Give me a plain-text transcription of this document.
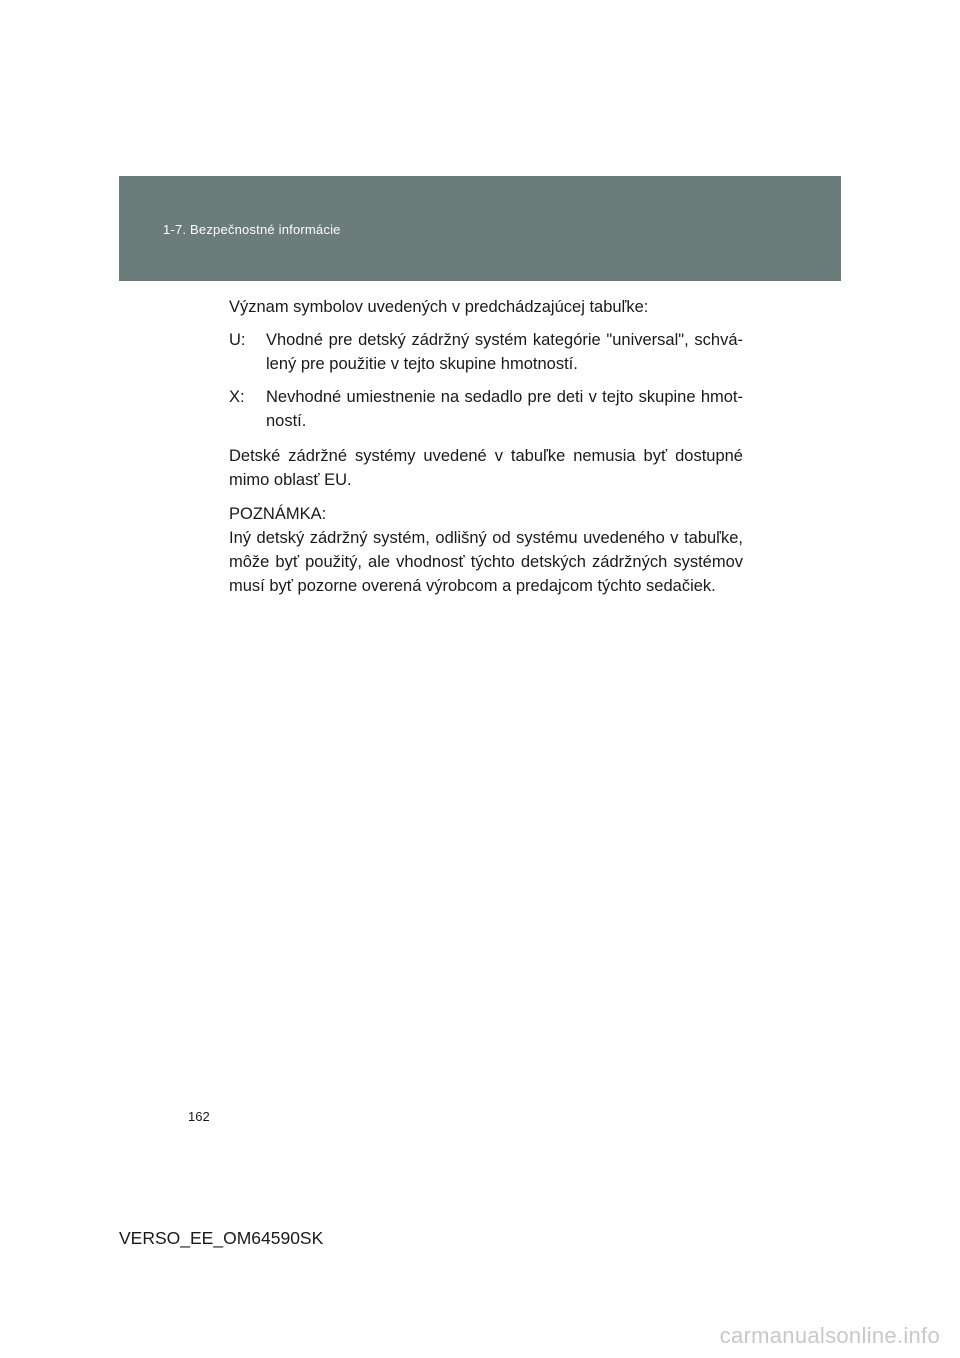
1-7. Bezpečnostné informácie

Význam symbolov uvedených v predchádzajúcej tabuľke:

U: Vhodné pre detský zádržný systém kategórie "universal", schvá-lený pre použitie v tejto skupine hmotností.

X: Nevhodné umiestnenie na sedadlo pre deti v tejto skupine hmot-ností.

Detské zádržné systémy uvedené v tabuľke nemusia byť dostupné mimo oblasť EU.

POZNÁMKA:

Iný detský zádržný systém, odlišný od systému uvedeného v tabuľke, môže byť použitý, ale vhodnosť týchto detských zádržných systémov musí byť pozorne overená výrobcom a predajcom týchto sedačiek.

162
VERSO_EE_OM64590SK
carmanualsonline.info
